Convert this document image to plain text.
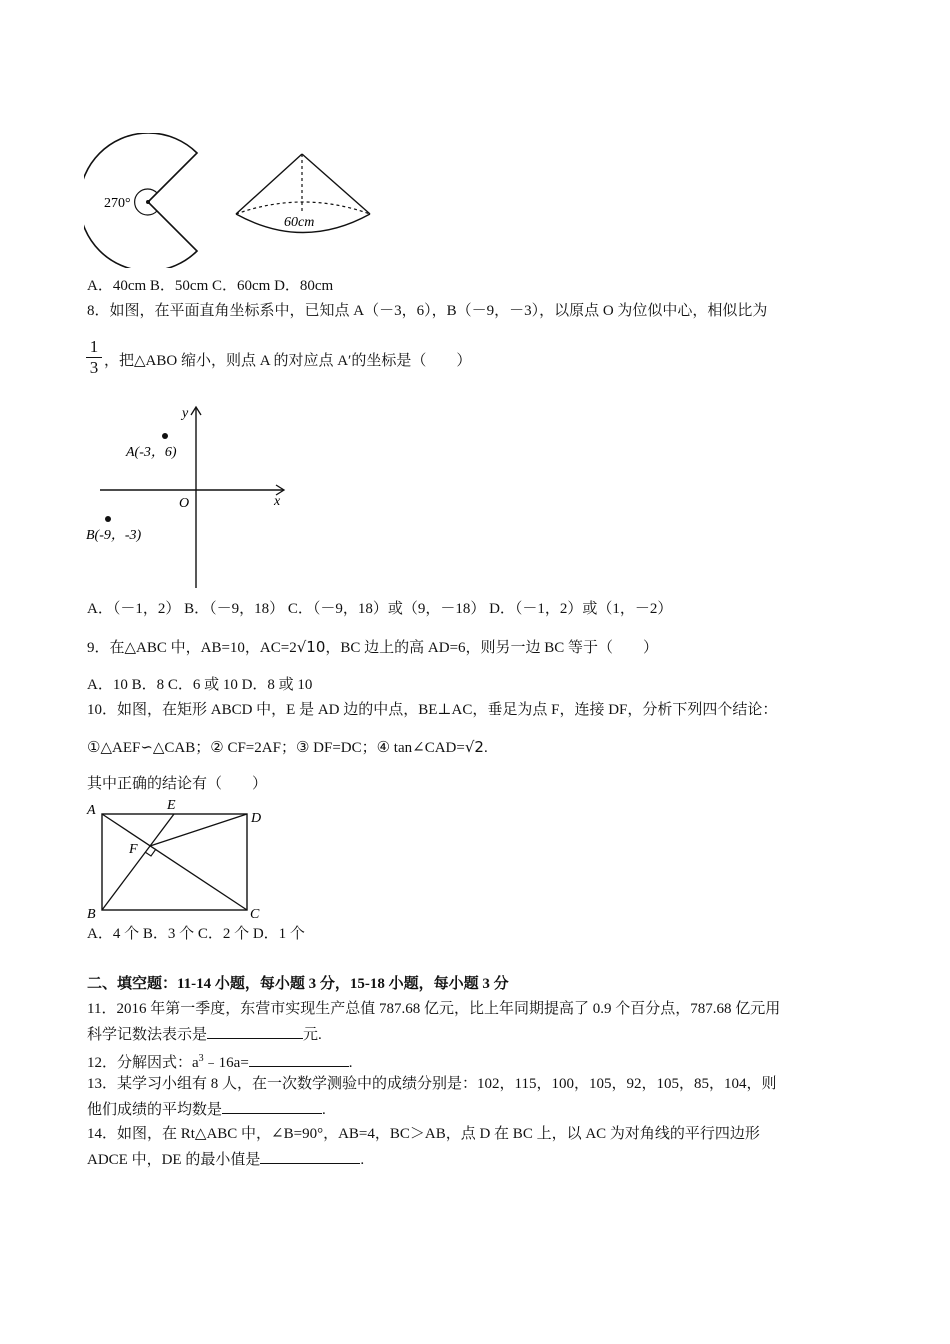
270°
60cm
A．40cm B．50cm C．60cm D．80cm
8．如图，在平面直角坐标系中，已知点 A（－3，6），B（－9，－3），以原点 O 为位似中心，相似比为
1
3 ，把△ABO 缩小，则点 A 的对应点 A′的坐标是（　　）
y
x
O
A(-3，6)
B(-9，-3)
A．（－1，2） B．（－9，18） C．（－9，18）或（9，－18） D．（－1，2）或（1，－2）
9．在△ABC 中，AB=10，AC=2√10，BC 边上的高 AD=6，则另一边 BC 等于（　　）
A．10 B．8 C．6 或 10 D．8 或 10
10．如图，在矩形 ABCD 中，E 是 AD 边的中点，BE⊥AC，垂足为点 F，连接 DF，分析下列四个结论：
①△AEF∽△CAB；② CF=2AF；③ DF=DC；④ tan∠CAD=√2.
其中正确的结论有（　　）
A	E
D
F
B	C
A．4 个 B．3 个 C．2 个 D．1 个
二、填空题：11-14 小题，每小题 3 分，15-18 小题，每小题 3 分
11．2016 年第一季度，东营市实现生产总值 787.68 亿元，比上年同期提高了 0.9 个百分点，787.68 亿元用
科学记数法表示是	元.
12．分解因式：$a^3﹣16a=$	.
13．某学习小组有 8 人，在一次数学测验中的成绩分别是：102，115，100，105，92，105，85，104，则
他们成绩的平均数是	.
14．如图，在 Rt△ABC 中，∠B=90°，AB=4，BC＞AB，点 D 在 BC 上，以 AC 为对角线的平行四边形
ADCE 中，DE 的最小值是	.
